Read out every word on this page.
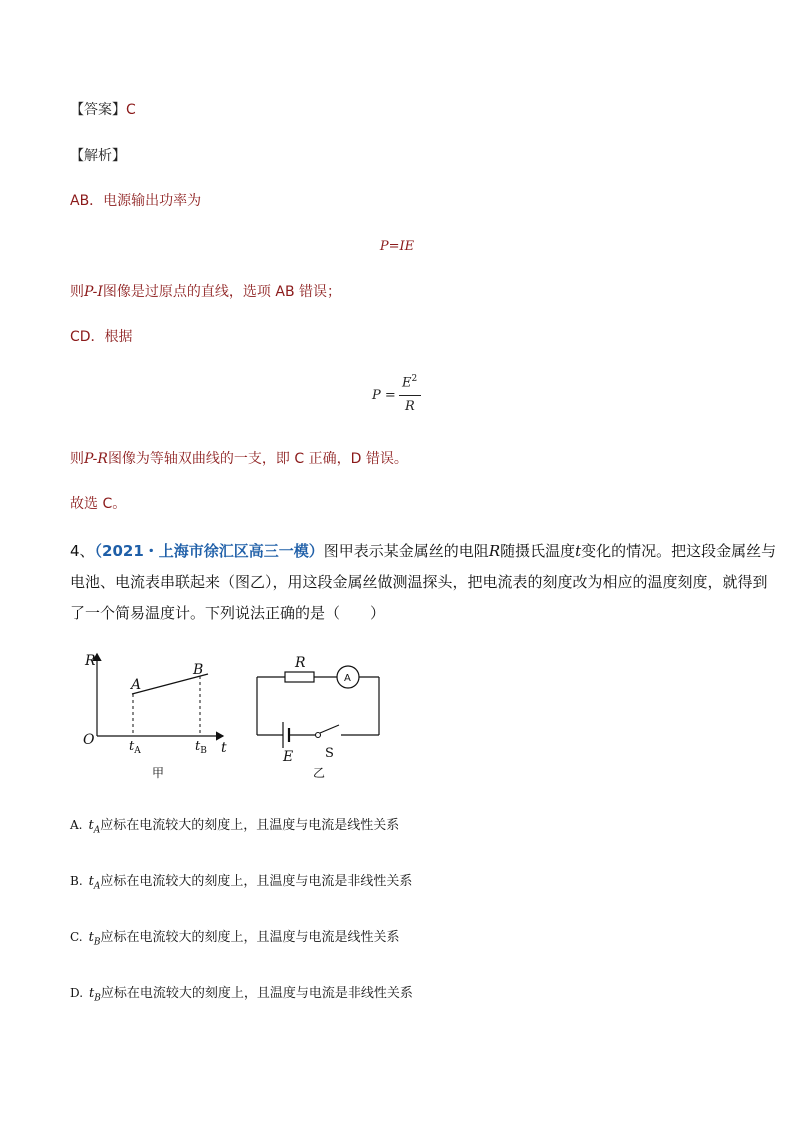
【答案】C
【解析】
AB．电源输出功率为
P=IE
则P-I图像是过原点的直线，选项 AB 错误；
CD．根据
P =
$E^2$
R
则P-R图像为等轴双曲线的一支，即 C 正确，D 错误。
故选 C。
4、（2021・上海市徐汇区高三一模）图甲表示某金属丝的电阻R随摄氏温度t变化的情况。把这段金属丝与
电池、电流表串联起来（图乙），用这段金属丝做测温探头，把电流表的刻度改为相应的温度刻度，就得到
了一个简易温度计。下列说法正确的是（　　）
R
t
O
A
B
$t_A$	$t_B$
甲
R
A
E S
乙
A. $t_A$应标在电流较大的刻度上，且温度与电流是线性关系
B. $t_A$应标在电流较大的刻度上，且温度与电流是非线性关系
C. $t_B$应标在电流较大的刻度上，且温度与电流是线性关系
D. $t_B$应标在电流较大的刻度上，且温度与电流是非线性关系
